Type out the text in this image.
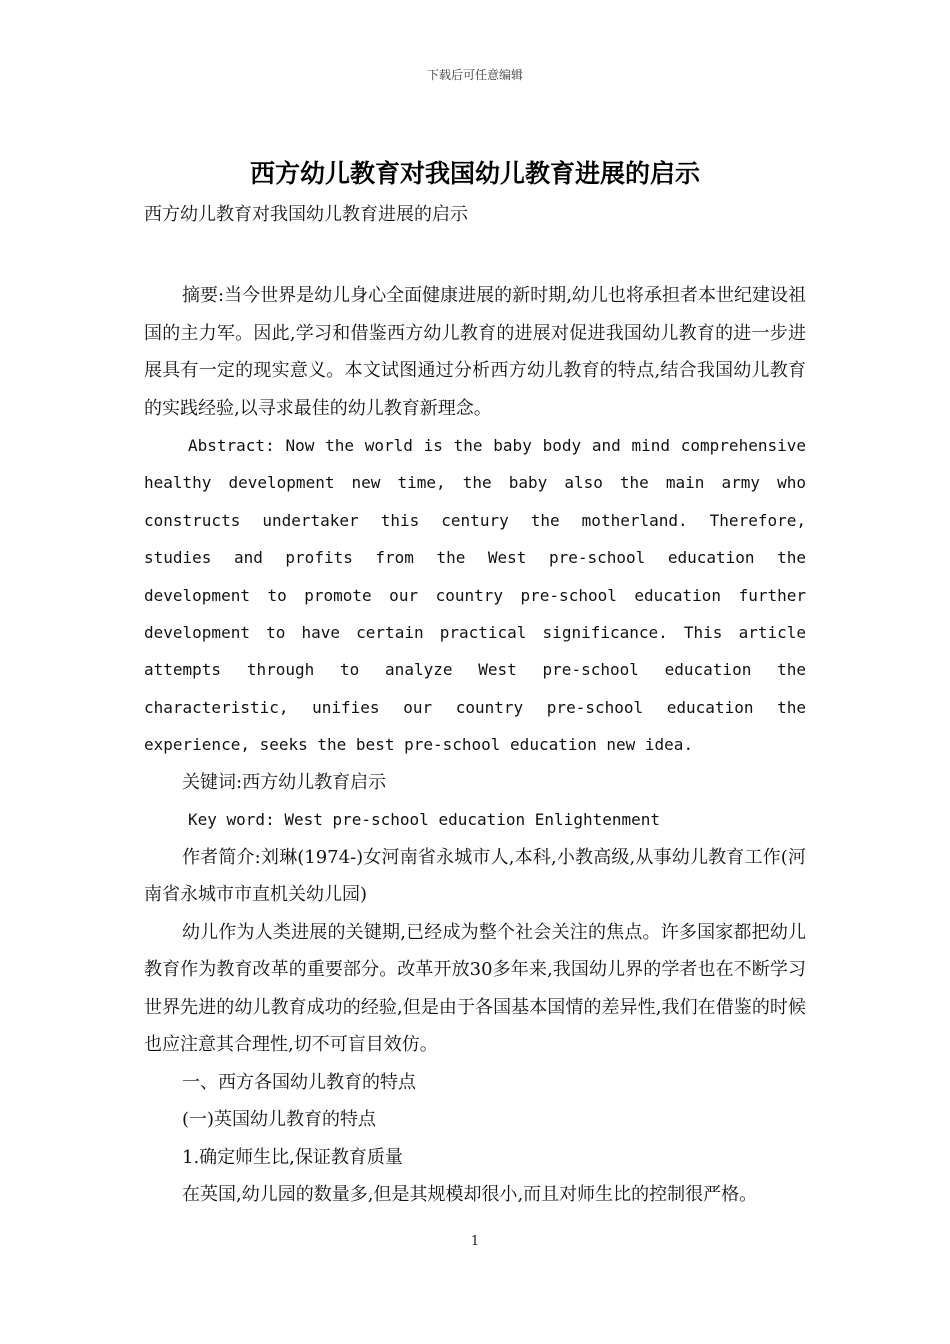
下载后可任意编辑
西方幼儿教育对我国幼儿教育进展的启示

西方幼儿教育对我国幼儿教育进展的启示

摘要:当今世界是幼儿身心全面健康进展的新时期,幼儿也将承担者本世纪建设祖国的主力军。因此,学习和借鉴西方幼儿教育的进展对促进我国幼儿教育的进一步进展具有一定的现实意义。本文试图通过分析西方幼儿教育的特点,结合我国幼儿教育的实践经验,以寻求最佳的幼儿教育新理念。

Abstract: Now the world is the baby body and mind comprehensive healthy development new time, the baby also the main army who constructs undertaker this century the motherland. Therefore, studies and profits from the West pre-school education the development to promote our country pre-school education further development to have certain practical significance. This article attempts through to analyze West pre-school education the characteristic, unifies our country pre-school education the experience, seeks the best pre-school education new idea.

关键词:西方幼儿教育启示

Key word: West pre-school education Enlightenment

作者简介:刘琳(1974-)女河南省永城市人,本科,小教高级,从事幼儿教育工作(河南省永城市市直机关幼儿园)

幼儿作为人类进展的关键期,已经成为整个社会关注的焦点。许多国家都把幼儿教育作为教育改革的重要部分。改革开放30多年来,我国幼儿界的学者也在不断学习世界先进的幼儿教育成功的经验,但是由于各国基本国情的差异性,我们在借鉴的时候也应注意其合理性,切不可盲目效仿。

一、西方各国幼儿教育的特点

(一)英国幼儿教育的特点

1.确定师生比,保证教育质量

在英国,幼儿园的数量多,但是其规模却很小,而且对师生比的控制很严格。

1
